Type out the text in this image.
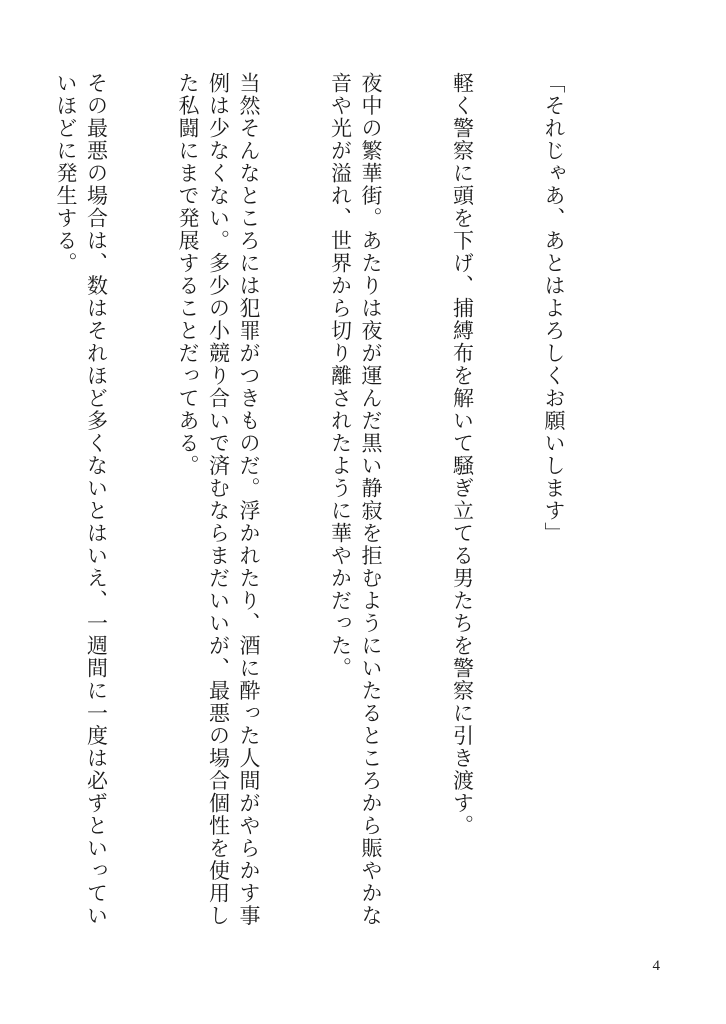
「それじゃあ、あとはよろしくお願いします」

軽く警察に頭を下げ、捕縛布を解いて騒ぎ立てる男たちを警察に引き渡す。

夜中の繁華街。あたりは夜が運んだ黒い静寂を拒むようにいたるところから賑やかな音や光が溢れ、世界から切り離されたように華やかだった。

当然そんなところには犯罪がつきものだ。浮かれたり、酒に酔った人間がやらかす事例は少なくない。多少の小競り合いで済むならまだいいが、最悪の場合個性を使用した私闘にまで発展することだってある。

その最悪の場合は、数はそれほど多くないとはいえ、一週間に一度は必ずといっていいほどに発生する。

4
